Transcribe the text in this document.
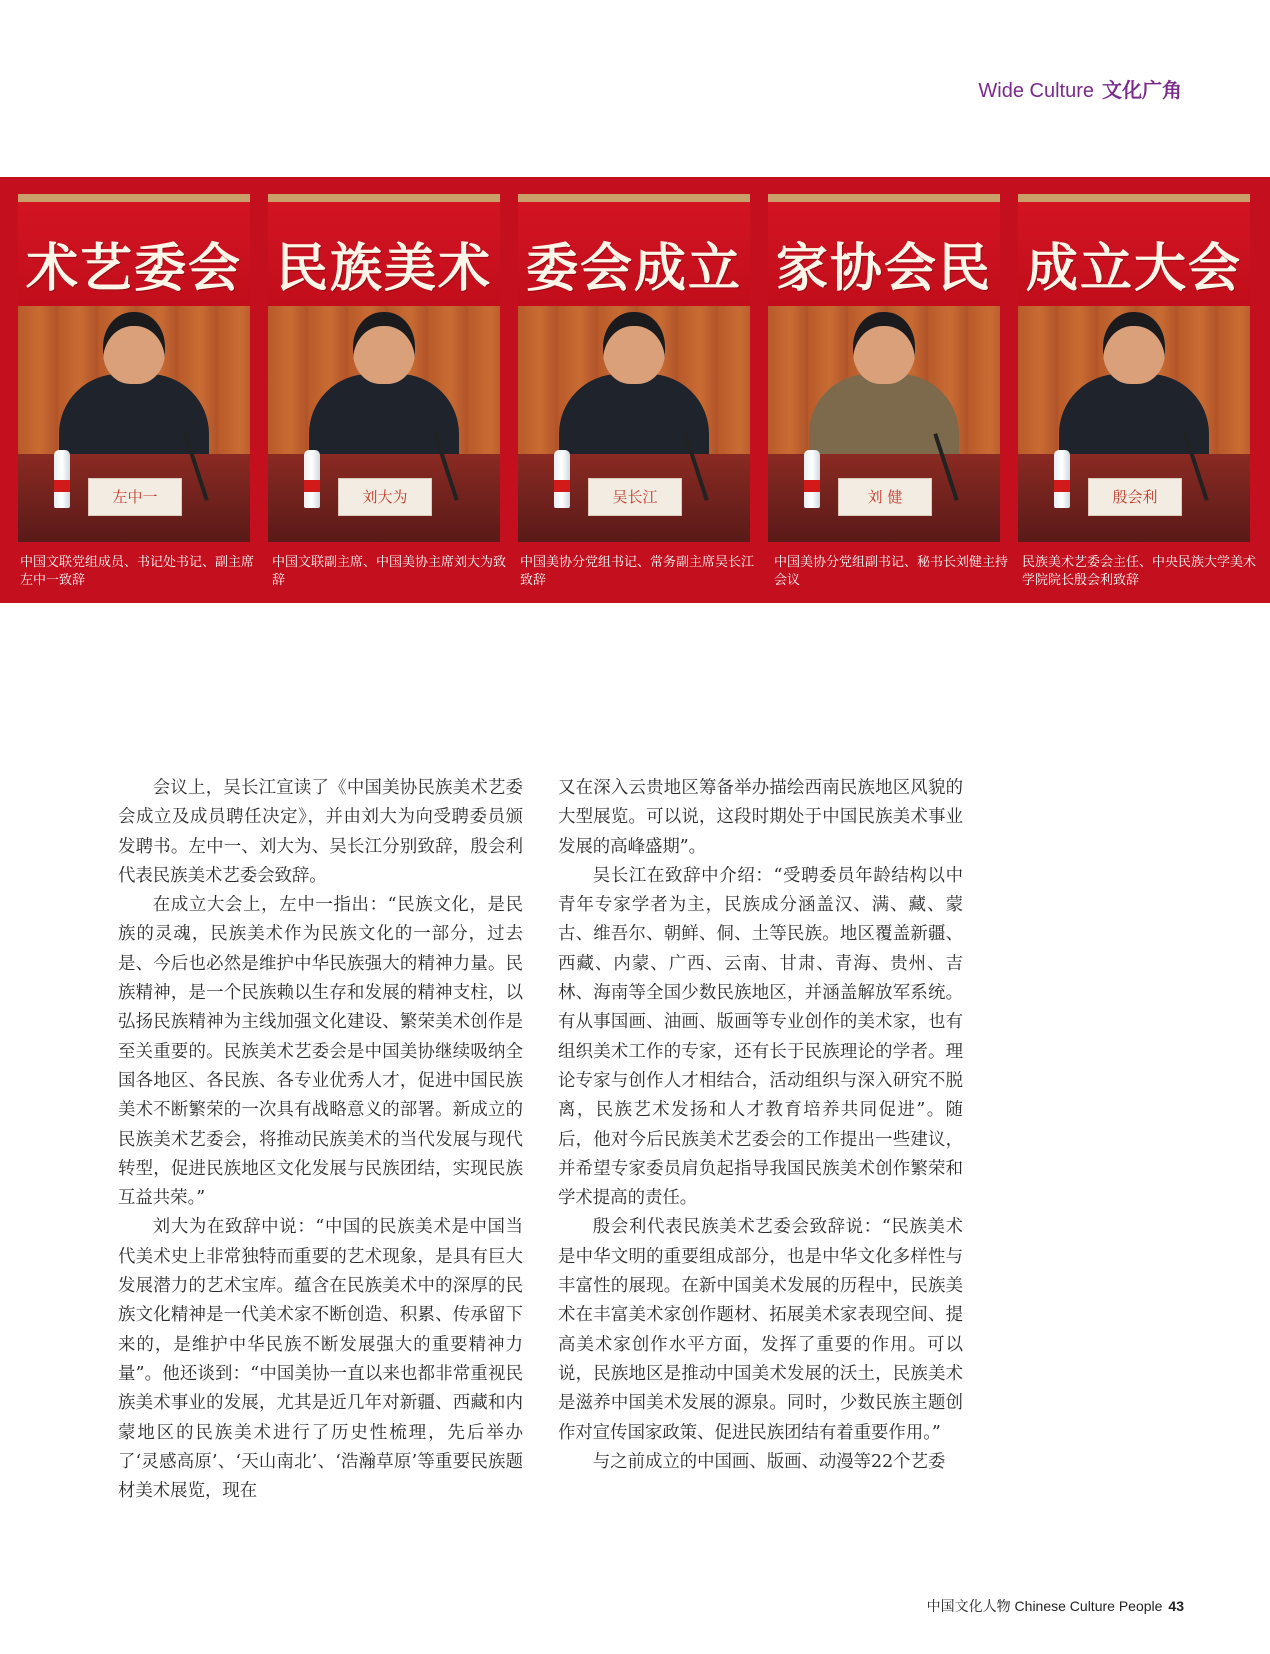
Wide Culture 文化广角
术艺委会
左中一
民族美术
刘大为
委会成立
吴长江
家协会民
刘 健
成立大会
殷会利
中国文联党组成员、书记处书记、副主席左中一致辞
中国文联副主席、中国美协主席刘大为致辞
中国美协分党组书记、常务副主席吴长江致辞
中国美协分党组副书记、秘书长刘健主持会议
民族美术艺委会主任、中央民族大学美术学院院长殷会利致辞

会议上，吴长江宣读了《中国美协民族美术艺委会成立及成员聘任决定》，并由刘大为向受聘委员颁发聘书。左中一、刘大为、吴长江分别致辞，殷会利代表民族美术艺委会致辞。

在成立大会上，左中一指出：“民族文化，是民族的灵魂，民族美术作为民族文化的一部分，过去是、今后也必然是维护中华民族强大的精神力量。民族精神，是一个民族赖以生存和发展的精神支柱，以弘扬民族精神为主线加强文化建设、繁荣美术创作是至关重要的。民族美术艺委会是中国美协继续吸纳全国各地区、各民族、各专业优秀人才，促进中国民族美术不断繁荣的一次具有战略意义的部署。新成立的民族美术艺委会，将推动民族美术的当代发展与现代转型，促进民族地区文化发展与民族团结，实现民族互益共荣。”

刘大为在致辞中说：“中国的民族美术是中国当代美术史上非常独特而重要的艺术现象，是具有巨大发展潜力的艺术宝库。蕴含在民族美术中的深厚的民族文化精神是一代美术家不断创造、积累、传承留下来的，是维护中华民族不断发展强大的重要精神力量”。他还谈到：“中国美协一直以来也都非常重视民族美术事业的发展，尤其是近几年对新疆、西藏和内蒙地区的民族美术进行了历史性梳理，先后举办了‘灵感高原’、‘天山南北’、‘浩瀚草原’等重要民族题材美术展览，现在

又在深入云贵地区筹备举办描绘西南民族地区风貌的大型展览。可以说，这段时期处于中国民族美术事业发展的高峰盛期”。

吴长江在致辞中介绍：“受聘委员年龄结构以中青年专家学者为主，民族成分涵盖汉、满、藏、蒙古、维吾尔、朝鲜、侗、土等民族。地区覆盖新疆、西藏、内蒙、广西、云南、甘肃、青海、贵州、吉林、海南等全国少数民族地区，并涵盖解放军系统。有从事国画、油画、版画等专业创作的美术家，也有组织美术工作的专家，还有长于民族理论的学者。理论专家与创作人才相结合，活动组织与深入研究不脱离，民族艺术发扬和人才教育培养共同促进”。随后，他对今后民族美术艺委会的工作提出一些建议，并希望专家委员肩负起指导我国民族美术创作繁荣和学术提高的责任。

殷会利代表民族美术艺委会致辞说：“民族美术是中华文明的重要组成部分，也是中华文化多样性与丰富性的展现。在新中国美术发展的历程中，民族美术在丰富美术家创作题材、拓展美术家表现空间、提高美术家创作水平方面，发挥了重要的作用。可以说，民族地区是推动中国美术发展的沃土，民族美术是滋养中国美术发展的源泉。同时，少数民族主题创作对宣传国家政策、促进民族团结有着重要作用。”

与之前成立的中国画、版画、动漫等22个艺委

中国文化人物 Chinese Culture People 43
